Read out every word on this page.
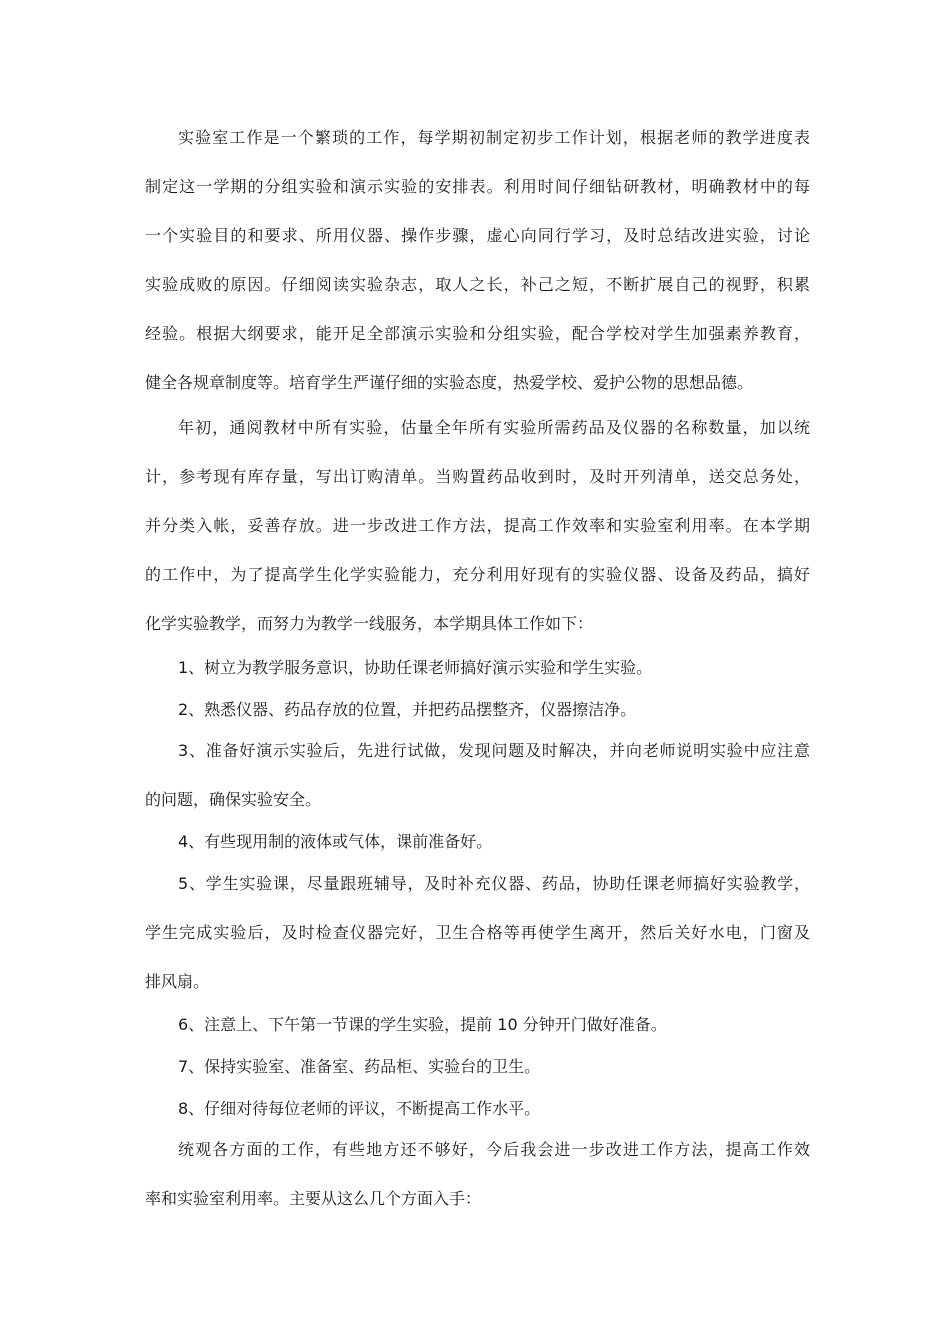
实验室工作是一个繁琐的工作，每学期初制定初步工作计划，根据老师的教学进度表
制定这一学期的分组实验和演示实验的安排表。利用时间仔细钻研教材，明确教材中的每
一个实验目的和要求、所用仪器、操作步骤，虚心向同行学习，及时总结改进实验，讨论
实验成败的原因。仔细阅读实验杂志，取人之长，补己之短，不断扩展自己的视野，积累
经验。根据大纲要求，能开足全部演示实验和分组实验，配合学校对学生加强素养教育，
健全各规章制度等。培育学生严谨仔细的实验态度，热爱学校、爱护公物的思想品德。
年初，通阅教材中所有实验，估量全年所有实验所需药品及仪器的名称数量，加以统
计，参考现有库存量，写出订购清单。当购置药品收到时，及时开列清单，送交总务处，
并分类入帐，妥善存放。进一步改进工作方法，提高工作效率和实验室利用率。在本学期
的工作中，为了提高学生化学实验能力，充分利用好现有的实验仪器、设备及药品，搞好
化学实验教学，而努力为教学一线服务，本学期具体工作如下：
1、树立为教学服务意识，协助任课老师搞好演示实验和学生实验。
2、熟悉仪器、药品存放的位置，并把药品摆整齐，仪器擦洁净。
3、准备好演示实验后，先进行试做，发现问题及时解决，并向老师说明实验中应注意
的问题，确保实验安全。
4、有些现用制的液体或气体，课前准备好。
5、学生实验课，尽量跟班辅导，及时补充仪器、药品，协助任课老师搞好实验教学，
学生完成实验后，及时检查仪器完好，卫生合格等再使学生离开，然后关好水电，门窗及
排风扇。
6、注意上、下午第一节课的学生实验，提前 10 分钟开门做好准备。
7、保持实验室、准备室、药品柜、实验台的卫生。
8、仔细对待每位老师的评议，不断提高工作水平。
统观各方面的工作，有些地方还不够好，今后我会进一步改进工作方法，提高工作效
率和实验室利用率。主要从这么几个方面入手：
